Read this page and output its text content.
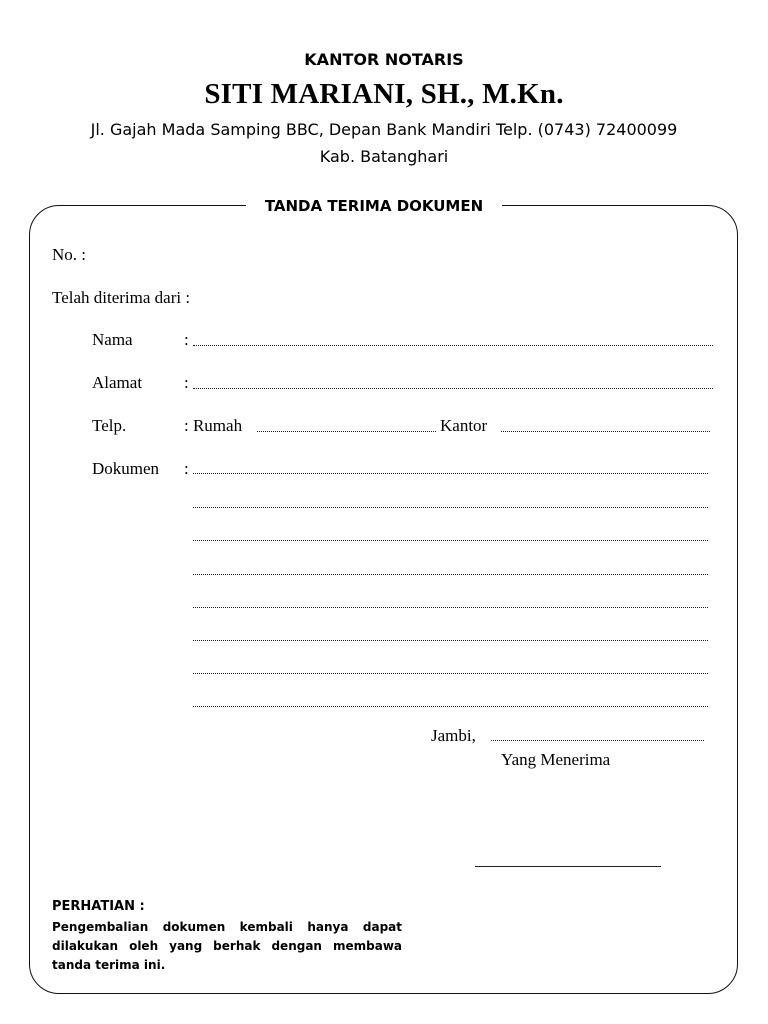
KANTOR NOTARIS
SITI MARIANI, SH., M.Kn.
Jl. Gajah Mada Samping BBC, Depan Bank Mandiri Telp. (0743) 72400099
Kab. Batanghari
TANDA TERIMA DOKUMEN
No. :
Telah diterima dari :
Nama	:
Alamat :
Telp.	: Rumah	Kantor
Dokumen :
Jambi,
Yang Menerima
PERHATIAN :
Pengembalian dokumen kembali hanya dapat dilakukan oleh yang berhak dengan membawa tanda terima ini.
